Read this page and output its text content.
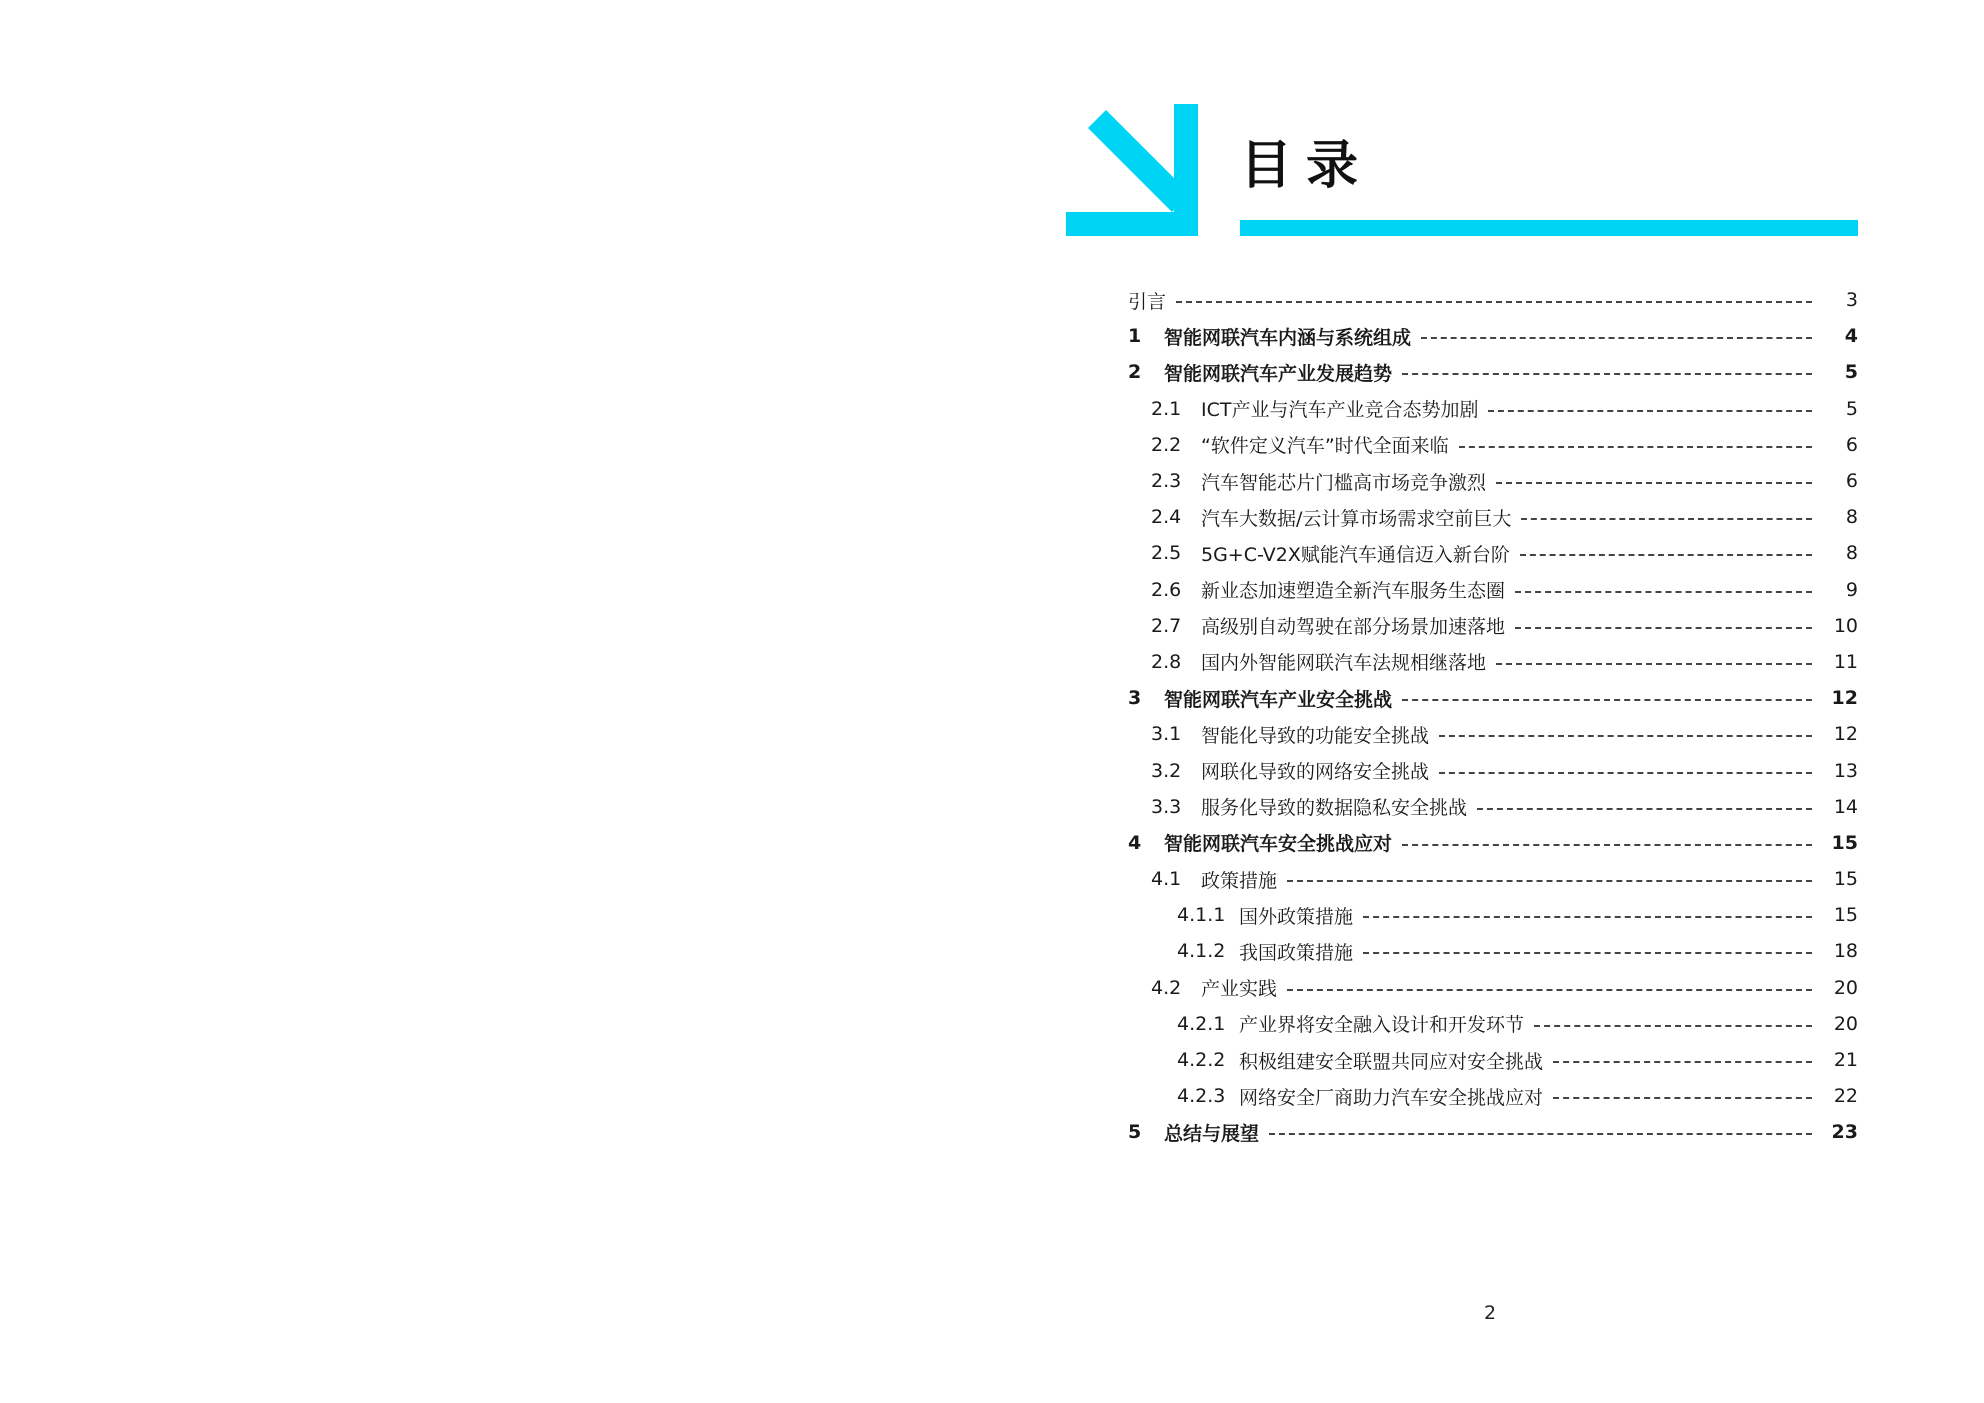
目录
引言	3
1	智能网联汽车内涵与系统组成	4
2	智能网联汽车产业发展趋势	5
2.1	ICT产业与汽车产业竞合态势加剧	5
2.2	“软件定义汽车”时代全面来临	6
2.3	汽车智能芯片门槛高市场竞争激烈	6
2.4	汽车大数据/云计算市场需求空前巨大	8
2.5	5G+C-V2X赋能汽车通信迈入新台阶	8
2.6	新业态加速塑造全新汽车服务生态圈	9
2.7	高级别自动驾驶在部分场景加速落地	10
2.8	国内外智能网联汽车法规相继落地	11
3	智能网联汽车产业安全挑战	12
3.1	智能化导致的功能安全挑战	12
3.2	网联化导致的网络安全挑战	13
3.3	服务化导致的数据隐私安全挑战	14
4	智能网联汽车安全挑战应对	15
4.1	政策措施	15
4.1.1 国外政策措施	15
4.1.2 我国政策措施	18
4.2	产业实践	20
4.2.1 产业界将安全融入设计和开发环节	20
4.2.2 积极组建安全联盟共同应对安全挑战	21
4.2.3 网络安全厂商助力汽车安全挑战应对	22
5	总结与展望	23
2
